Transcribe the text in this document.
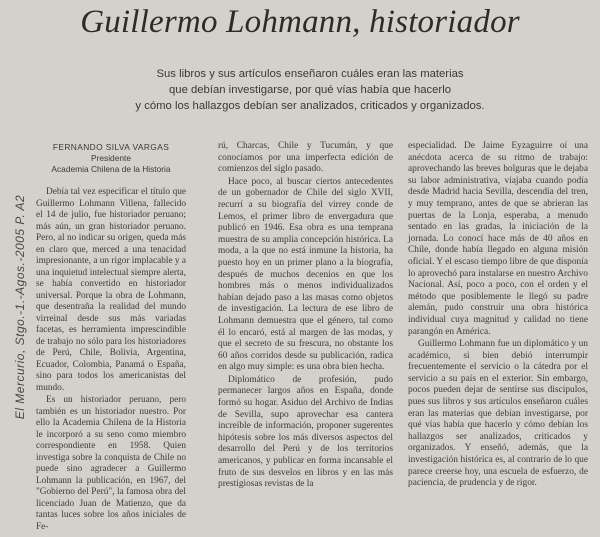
Guillermo Lohmann, historiador
Sus libros y sus artículos enseñaron cuáles eran las materias
que debían investigarse, por qué vías había que hacerlo
y cómo los hallazgos debían ser analizados, criticados y organizados.
El Mercurio, Stgo.-1.-Agos.-2005 P. A2
FERNANDO SILVA VARGAS
Presidente
Academia Chilena de la Historia

Debía tal vez especificar el título que Guillermo Lohmann Villena, fallecido el 14 de julio, fue historiador peruano; más aún, un gran historiador peruano. Pero, al no indicar su origen, queda más en claro que, merced a una tenacidad impresionante, a un rigor implacable y a una inquietud intelectual siempre alerta, se había convertido en historiador universal. Porque la obra de Lohmann, que desentraña la realidad del mundo virreinal desde sus más variadas facetas, es herramienta imprescindible de trabajo no sólo para los historiadores de Perú, Chile, Bolivia, Argentina, Ecuador, Colombia, Panamá o España, sino para todos los americanistas del mundo.

Es un historiador peruano, pero también es un historiador nuestro. Por ello la Academia Chilena de la Historia le incorporó a su seno como miembro correspondiente en 1958. Quien investiga sobre la conquista de Chile no puede sino agradecer a Guillermo Lohmann la publicación, en 1967, del "Gobierno del Perú", la famosa obra del licenciado Juan de Matienzo, que da tantas luces sobre los años iniciales de Fe-

rú, Charcas, Chile y Tucumán, y que conocíamos por una imperfecta edición de comienzos del siglo pasado.

Hace poco, al buscar ciertos antecedentes de un gobernador de Chile del siglo XVII, recurrí a su biografía del virrey conde de Lemos, el primer libro de envergadura que publicó en 1946. Esa obra es una temprana muestra de su amplia concepción histórica. La moda, a la que no está inmune la historia, ha puesto hoy en un primer plano a la biografía, después de muchos decenios en que los hombres más o menos individualizados habían dejado paso a las masas como objetos de investigación. La lectura de ese libro de Lohmann demuestra que el género, tal como él lo encaró, está al margen de las modas, y que el secreto de su frescura, no obstante los 60 años corridos desde su publicación, radica en algo muy simple: es una obra bien hecha.

Diplomático de profesión, pudo permanecer largos años en España, donde formó su hogar. Asiduo del Archivo de Indias de Sevilla, supo aprovechar esa cantera increíble de información, proponer sugerentes hipótesis sobre los más diversos aspectos del desarrollo del Perú y de los territorios americanos, y publicar en forma incansable el fruto de sus desvelos en libros y en las más prestigiosas revistas de la

especialidad. De Jaime Eyzaguirre oí una anécdota acerca de su ritmo de trabajo: aprovechando las breves holguras que le dejaba su labor administrativa, viajaba cuando podía desde Madrid hacia Sevilla, descendía del tren, y muy temprano, antes de que se abrieran las puertas de la Lonja, esperaba, a menudo sentado en las gradas, la iniciación de la jornada. Lo conocí hace más de 40 años en Chile, donde había llegado en alguna misión oficial. Y el escaso tiempo libre de que disponía lo aprovechó para instalarse en nuestro Archivo Nacional. Así, poco a poco, con el orden y el método que posiblemente le llegó su padre alemán, pudo construir una obra histórica individual cuya magnitud y calidad no tiene parangón en América.

Guillermo Lohmann fue un diplomático y un académico, si bien debió interrumpir frecuentemente el servicio o la cátedra por el servicio a su país en el exterior. Sin embargo, pocos pueden dejar de sentirse sus discípulos, pues sus libros y sus artículos enseñaron cuáles eran las materias que debían investigarse, por qué vías había que hacerlo y cómo debían los hallazgos ser analizados, criticados y organizados. Y enseñó, además, que la investigación histórica es, al contrario de lo que parece creerse hoy, una escuela de esfuerzo, de paciencia, de prudencia y de rigor.
